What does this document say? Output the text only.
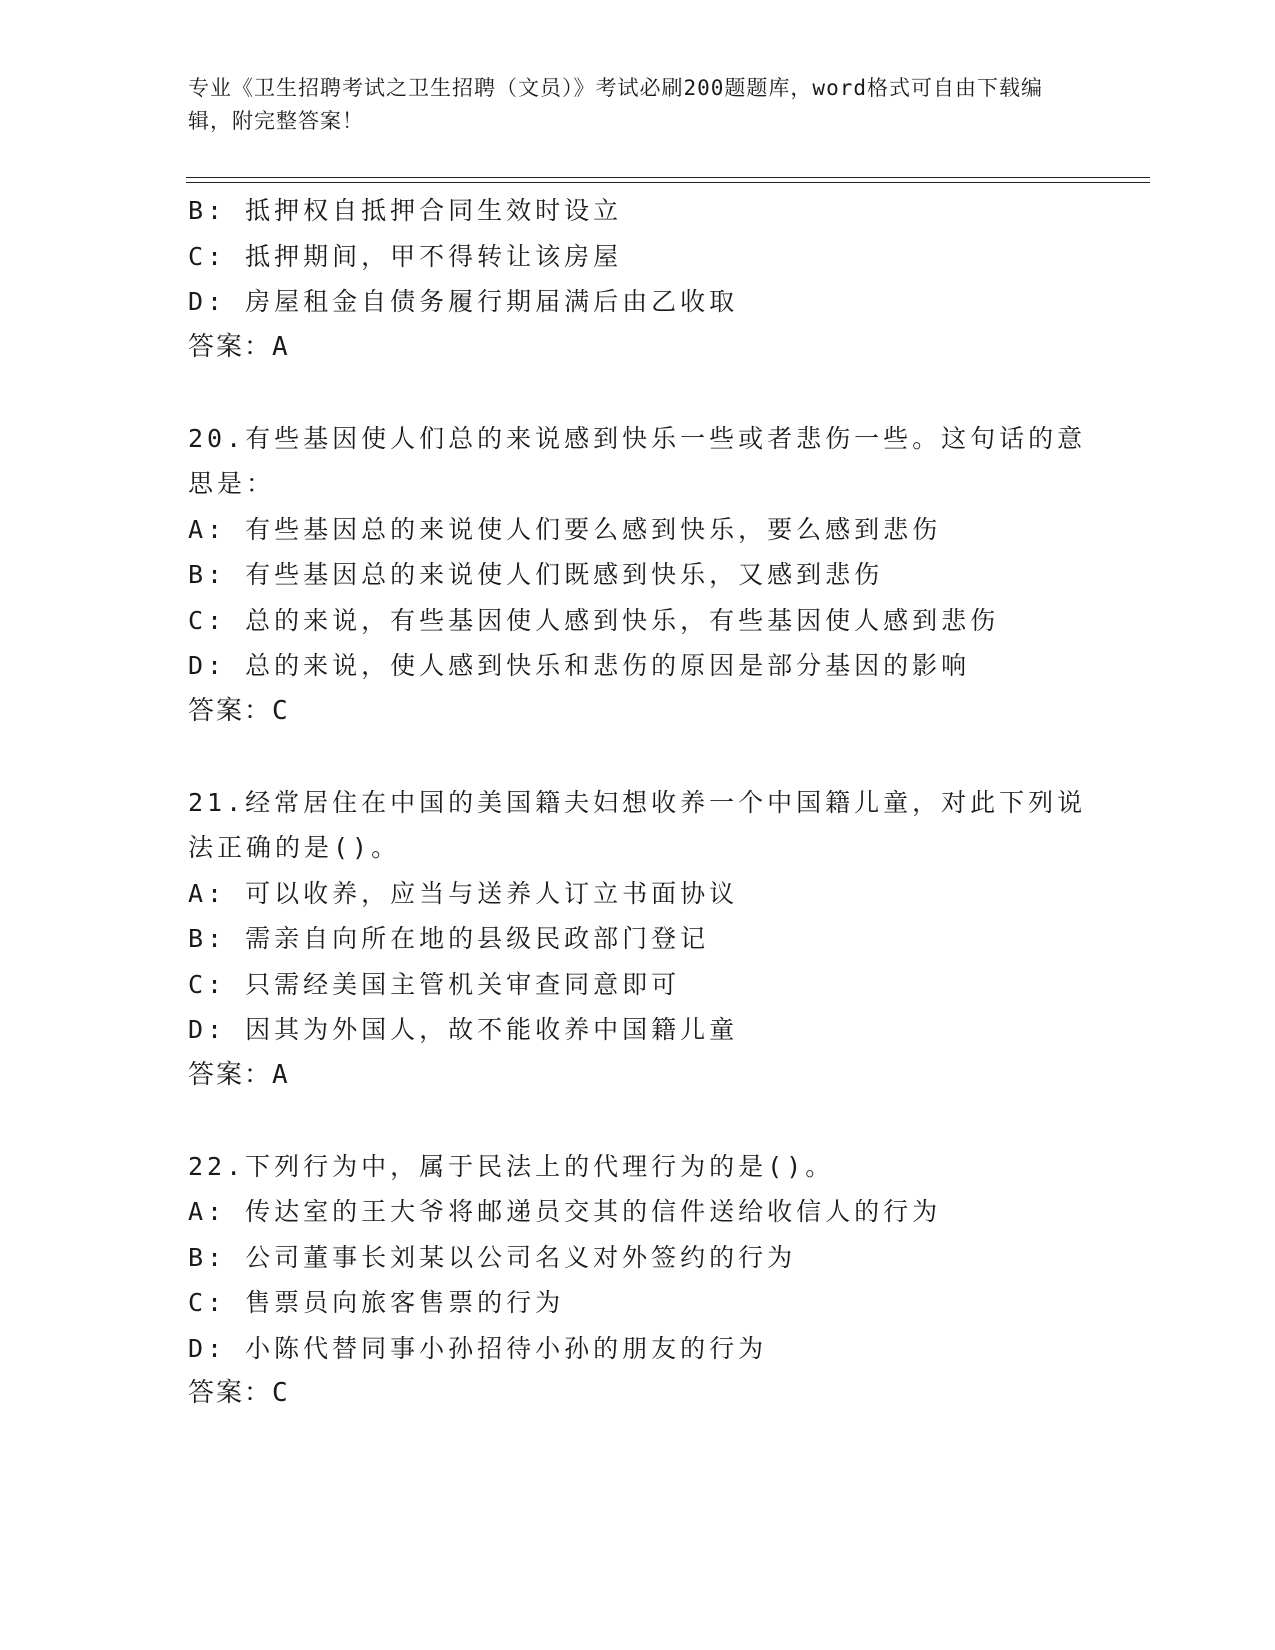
专业《卫生招聘考试之卫生招聘（文员）》考试必刷200题题库，word格式可自由下载编辑，附完整答案！
B: 抵押权自抵押合同生效时设立
C: 抵押期间，甲不得转让该房屋
D: 房屋租金自债务履行期届满后由乙收取
答案：A
20.有些基因使人们总的来说感到快乐一些或者悲伤一些。这句话的意思是：
A: 有些基因总的来说使人们要么感到快乐，要么感到悲伤
B: 有些基因总的来说使人们既感到快乐，又感到悲伤
C: 总的来说，有些基因使人感到快乐，有些基因使人感到悲伤
D: 总的来说，使人感到快乐和悲伤的原因是部分基因的影响
答案：C
21.经常居住在中国的美国籍夫妇想收养一个中国籍儿童，对此下列说法正确的是()。
A: 可以收养，应当与送养人订立书面协议
B: 需亲自向所在地的县级民政部门登记
C: 只需经美国主管机关审查同意即可
D: 因其为外国人，故不能收养中国籍儿童
答案：A
22.下列行为中，属于民法上的代理行为的是()。
A: 传达室的王大爷将邮递员交其的信件送给收信人的行为
B: 公司董事长刘某以公司名义对外签约的行为
C: 售票员向旅客售票的行为
D: 小陈代替同事小孙招待小孙的朋友的行为
答案：C
